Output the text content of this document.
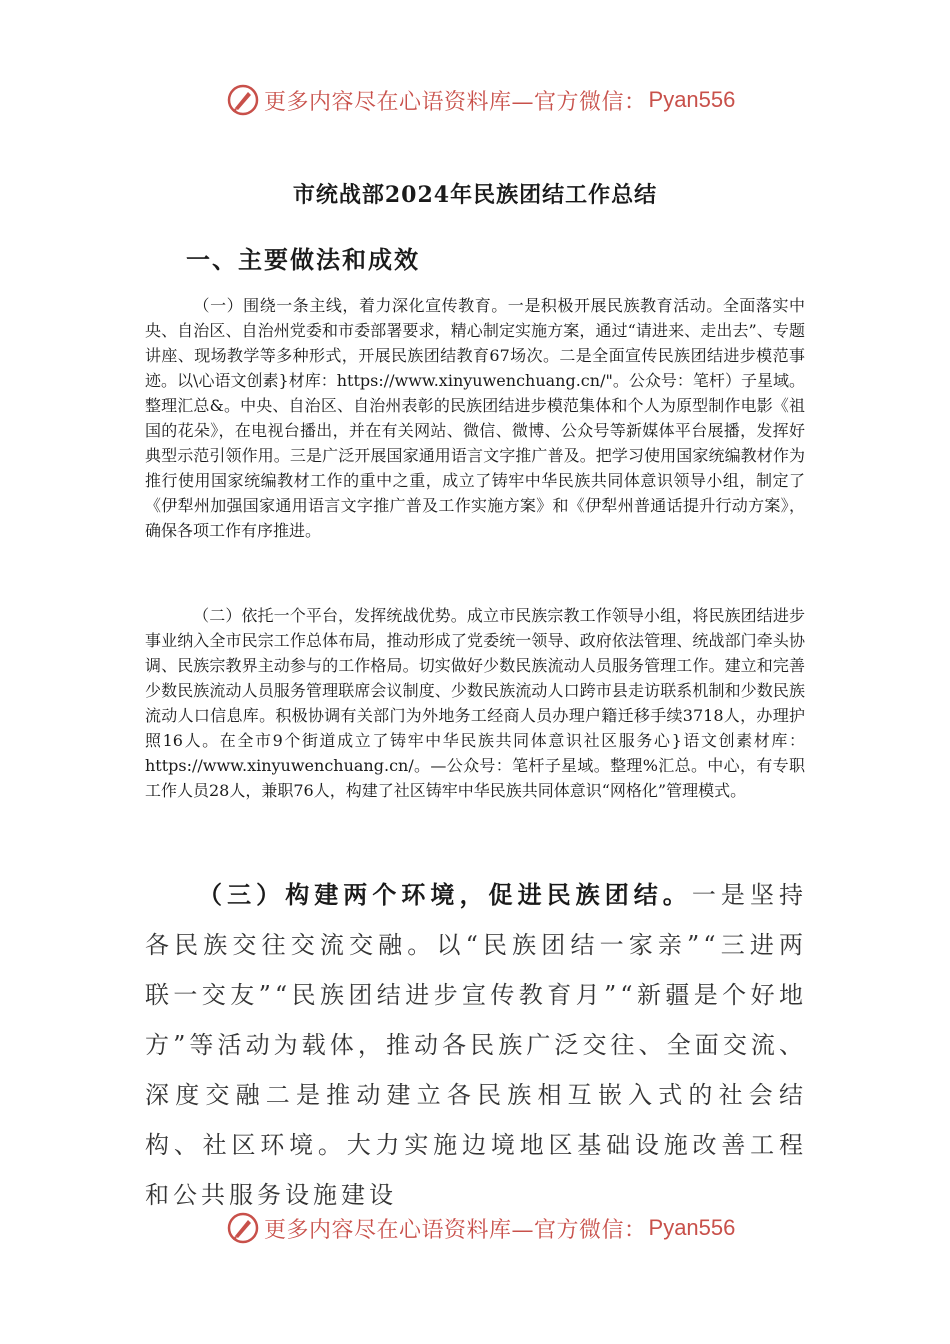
更多内容尽在心语资料库—官方微信： Pyan556
市统战部2024年民族团结工作总结
一、主要做法和成效

（一）围绕一条主线，着力深化宣传教育。一是积极开展民族教育活动。全面落实中央、自治区、自治州党委和市委部署要求，精心制定实施方案，通过“请进来、走出去”、专题讲座、现场教学等多种形式，开展民族团结教育67场次。二是全面宣传民族团结进步模范事迹。以\心语文创素}材库：https://www.xinyuwenchuang.cn/"。公众号：笔杆）子星域。整理汇总&。中央、自治区、自治州表彰的民族团结进步模范集体和个人为原型制作电影《祖国的花朵》，在电视台播出，并在有关网站、微信、微博、公众号等新媒体平台展播，发挥好典型示范引领作用。三是广泛开展国家通用语言文字推广普及。把学习使用国家统编教材作为推行使用国家统编教材工作的重中之重，成立了铸牢中华民族共同体意识领导小组，制定了《伊犁州加强国家通用语言文字推广普及工作实施方案》和《伊犁州普通话提升行动方案》，确保各项工作有序推进。

（二）依托一个平台，发挥统战优势。成立市民族宗教工作领导小组，将民族团结进步事业纳入全市民宗工作总体布局，推动形成了党委统一领导、政府依法管理、统战部门牵头协调、民族宗教界主动参与的工作格局。切实做好少数民族流动人员服务管理工作。建立和完善少数民族流动人员服务管理联席会议制度、少数民族流动人口跨市县走访联系机制和少数民族流动人口信息库。积极协调有关部门为外地务工经商人员办理户籍迁移手续3718人，办理护照16人。在全市9个街道成立了铸牢中华民族共同体意识社区服务心}语文创素材库：https://www.xinyuwenchuang.cn/。—公众号：笔杆子星域。整理%汇总。中心，有专职工作人员28人，兼职76人，构建了社区铸牢中华民族共同体意识“网格化”管理模式。

（三）构建两个环境，促进民族团结。一是坚持各民族交往交流交融。以“民族团结一家亲”“三进两联一交友”“民族团结进步宣传教育月”“新疆是个好地方”等活动为载体，推动各民族广泛交往、全面交流、深度交融二是推动建立各民族相互嵌入式的社会结构、社区环境。大力实施边境地区基础设施改善工程和公共服务设施建设

更多内容尽在心语资料库—官方微信： Pyan556
